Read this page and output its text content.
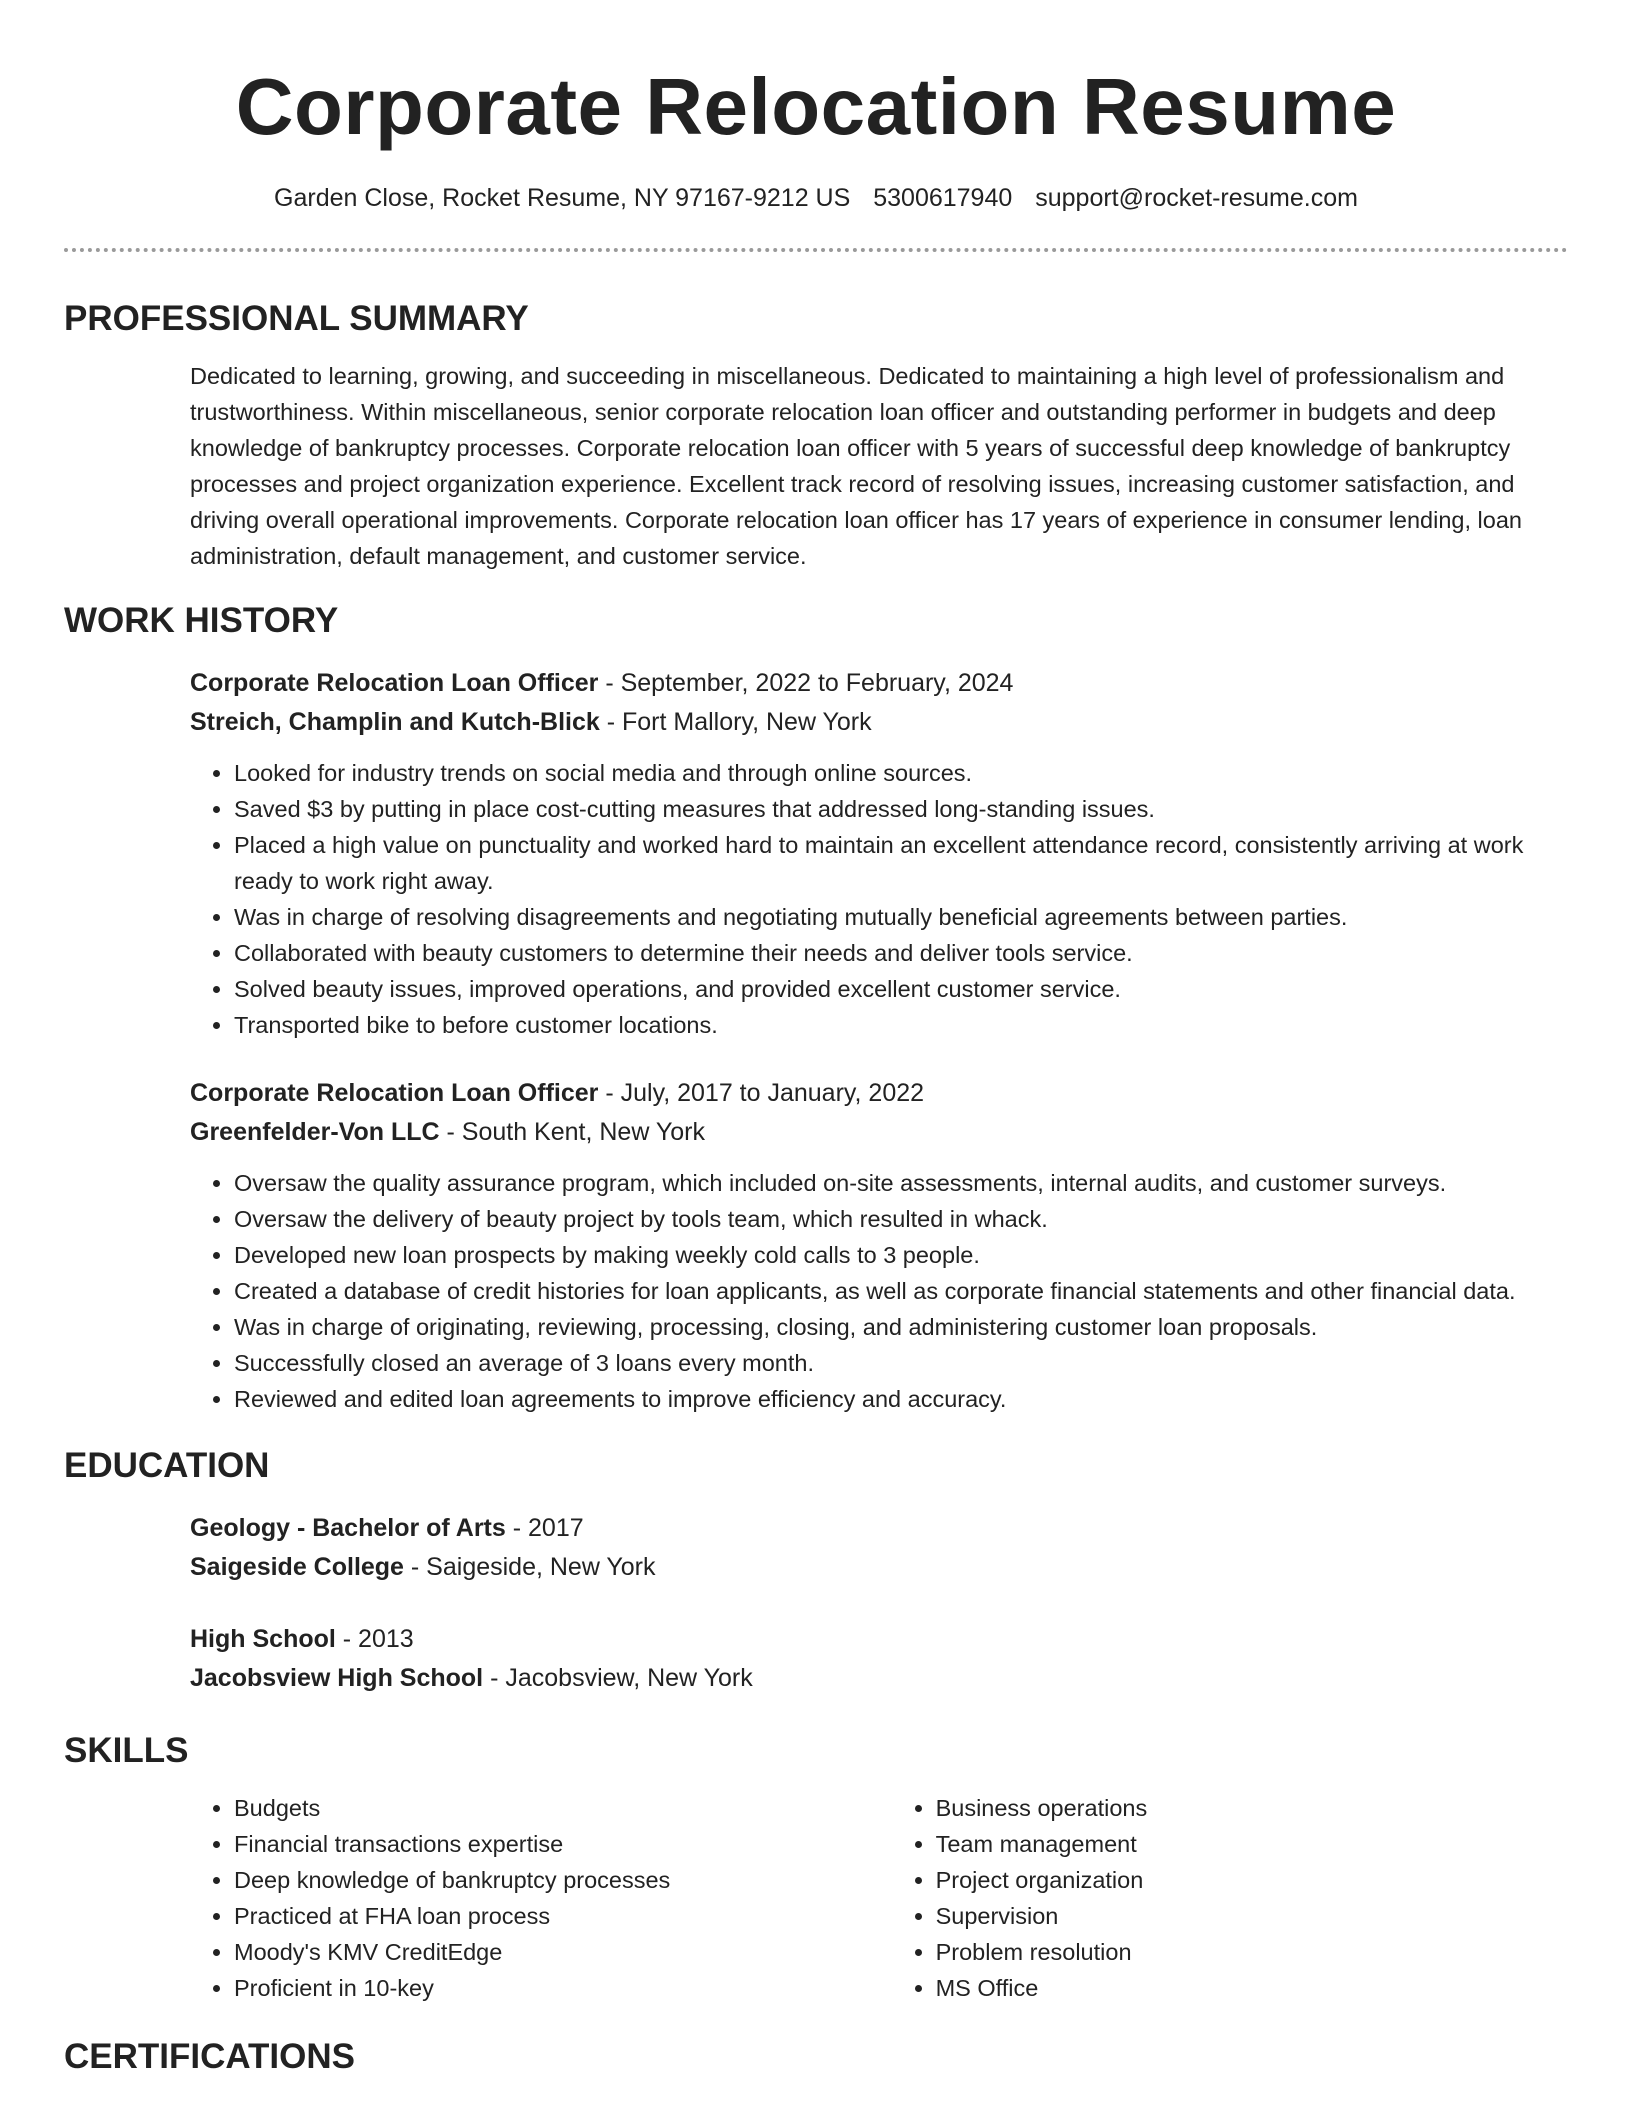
Corporate Relocation Resume
Garden Close, Rocket Resume, NY 97167-9212 US 5300617940 support@rocket-resume.com
PROFESSIONAL SUMMARY
Dedicated to learning, growing, and succeeding in miscellaneous. Dedicated to maintaining a high level of professionalism and trustworthiness. Within miscellaneous, senior corporate relocation loan officer and outstanding performer in budgets and deep knowledge of bankruptcy processes. Corporate relocation loan officer with 5 years of successful deep knowledge of bankruptcy processes and project organization experience. Excellent track record of resolving issues, increasing customer satisfaction, and driving overall operational improvements. Corporate relocation loan officer has 17 years of experience in consumer lending, loan administration, default management, and customer service.
WORK HISTORY
Corporate Relocation Loan Officer - September, 2022 to February, 2024
Streich, Champlin and Kutch-Blick - Fort Mallory, New York
• Looked for industry trends on social media and through online sources.
• Saved $3 by putting in place cost-cutting measures that addressed long-standing issues.
• Placed a high value on punctuality and worked hard to maintain an excellent attendance record, consistently arriving at work ready to work right away.
• Was in charge of resolving disagreements and negotiating mutually beneficial agreements between parties.
• Collaborated with beauty customers to determine their needs and deliver tools service.
• Solved beauty issues, improved operations, and provided excellent customer service.
• Transported bike to before customer locations.
Corporate Relocation Loan Officer - July, 2017 to January, 2022
Greenfelder-Von LLC - South Kent, New York
• Oversaw the quality assurance program, which included on-site assessments, internal audits, and customer surveys.
• Oversaw the delivery of beauty project by tools team, which resulted in whack.
• Developed new loan prospects by making weekly cold calls to 3 people.
• Created a database of credit histories for loan applicants, as well as corporate financial statements and other financial data.
• Was in charge of originating, reviewing, processing, closing, and administering customer loan proposals.
• Successfully closed an average of 3 loans every month.
• Reviewed and edited loan agreements to improve efficiency and accuracy.
EDUCATION
Geology - Bachelor of Arts - 2017
Saigeside College - Saigeside, New York
High School - 2013
Jacobsview High School - Jacobsview, New York
SKILLS
• Budgets
• Financial transactions expertise
• Deep knowledge of bankruptcy processes
• Practiced at FHA loan process
• Moody's KMV CreditEdge
• Proficient in 10-key
• Business operations
• Team management
• Project organization
• Supervision
• Problem resolution
• MS Office
CERTIFICATIONS
